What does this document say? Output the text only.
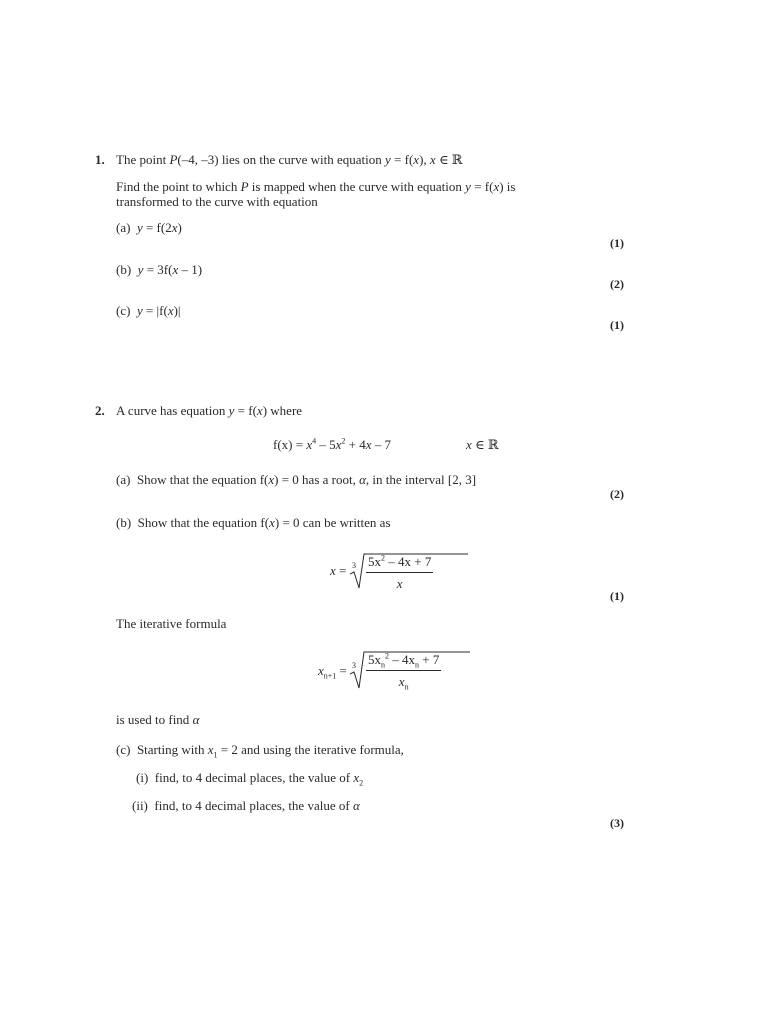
1. The point P(–4, –3) lies on the curve with equation y = f(x), x ∈ ℝ
Find the point to which P is mapped when the curve with equation y = f(x) is
transformed to the curve with equation
(a) y = f(2x)
(1)
(b) y = 3f(x – 1)
(2)
(c) y = |f(x)|
(1)
2. A curve has equation y = f(x) where
$f(x) = x^4 - 5x^2 + 4x - 7$	x ∈ ℝ
(a) Show that the equation f(x) = 0 has a root, α, in the interval [2, 3]
(2)
(b) Show that the equation f(x) = 0 can be written as
$x = 3 \frac{5x^2 - 4x + 7}{x}$
(1)
The iterative formula
$x_{n+1} = 3 \frac{5x_n^2 - 4x_n + 7}{x_n}$
is used to find α
(c) Starting with $x_1 = 2$ and using the iterative formula,
(i) find, to 4 decimal places, the value of $x_2$
(ii) find, to 4 decimal places, the value of α
(3)
